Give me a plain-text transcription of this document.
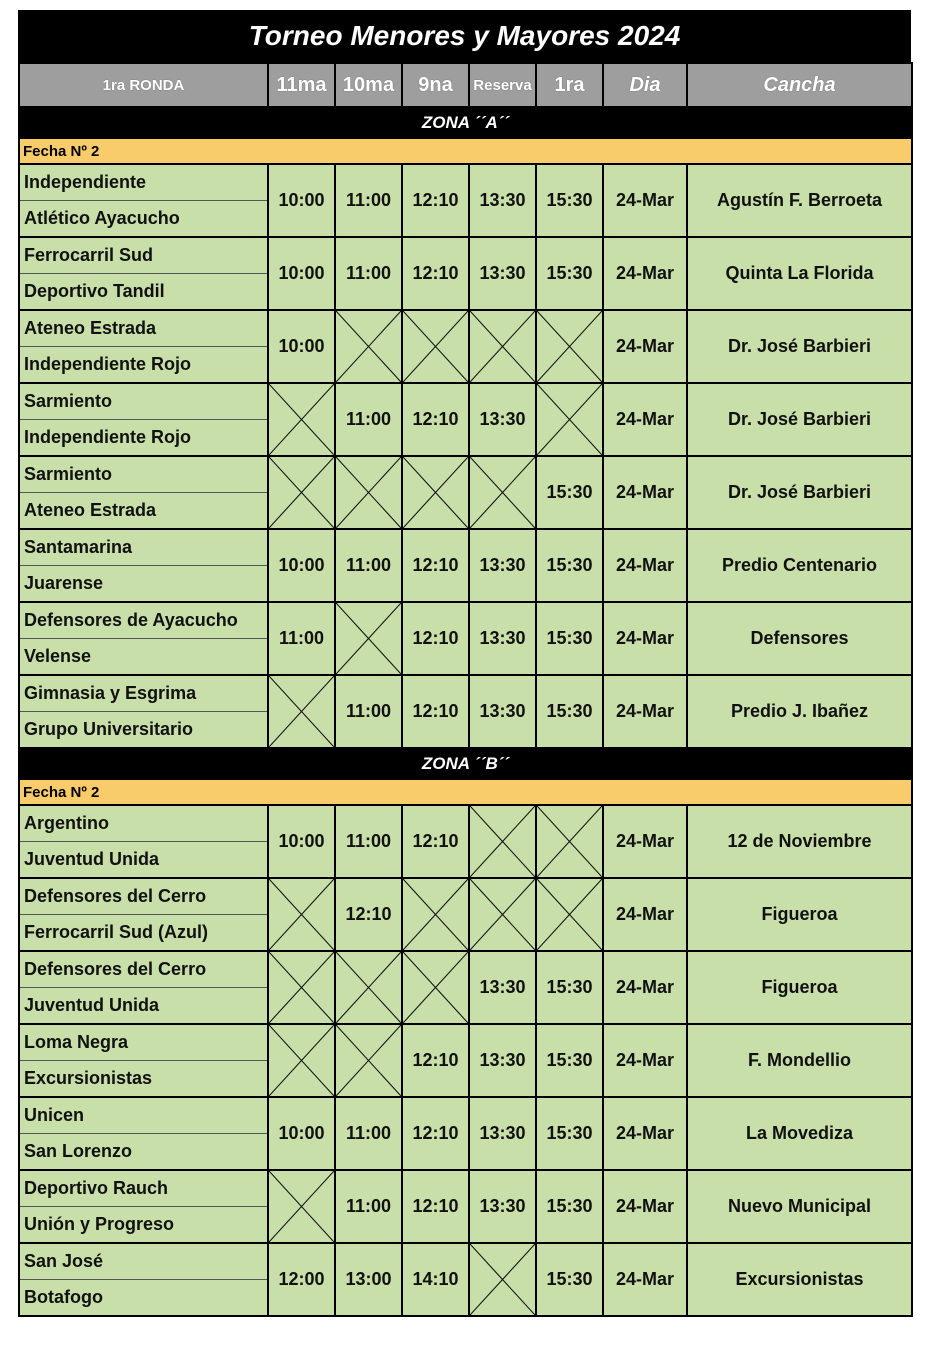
Torneo Menores y Mayores 2024
1ra RONDA	11ma	10ma	9na	Reserva	1ra	Dia	Cancha
ZONA ´´A´´							
Fecha Nº 2							

Independiente
Atlético Ayacucho	10:00	11:00	12:10	13:30	15:30	24-Mar	Agustín F. Berroeta

Ferrocarril Sud
Deportivo Tandil	10:00	11:00	12:10	13:30	15:30	24-Mar	Quinta La Florida

Ateneo Estrada
Independiente Rojo	10:00					24-Mar	Dr. José Barbieri

Sarmiento
Independiente Rojo		11:00	12:10	13:30		24-Mar	Dr. José Barbieri

Sarmiento
Ateneo Estrada					15:30	24-Mar	Dr. José Barbieri

Santamarina
Juarense	10:00	11:00	12:10	13:30	15:30	24-Mar	Predio Centenario

Defensores de Ayacucho
Velense	11:00		12:10	13:30	15:30	24-Mar	Defensores

Gimnasia y Esgrima
Grupo Universitario		11:00	12:10	13:30	15:30	24-Mar	Predio J. Ibañez
ZONA ´´B´´							
Fecha Nº 2							

Argentino
Juventud Unida	10:00	11:00	12:10			24-Mar	12 de Noviembre

Defensores del Cerro
Ferrocarril Sud (Azul)		12:10				24-Mar	Figueroa

Defensores del Cerro
Juventud Unida				13:30	15:30	24-Mar	Figueroa

Loma Negra
Excursionistas			12:10	13:30	15:30	24-Mar	F. Mondellio

Unicen
San Lorenzo	10:00	11:00	12:10	13:30	15:30	24-Mar	La Movediza

Deportivo Rauch
Unión y Progreso		11:00	12:10	13:30	15:30	24-Mar	Nuevo Municipal

San José
Botafogo	12:00	13:00	14:10		15:30	24-Mar	Excursionistas
